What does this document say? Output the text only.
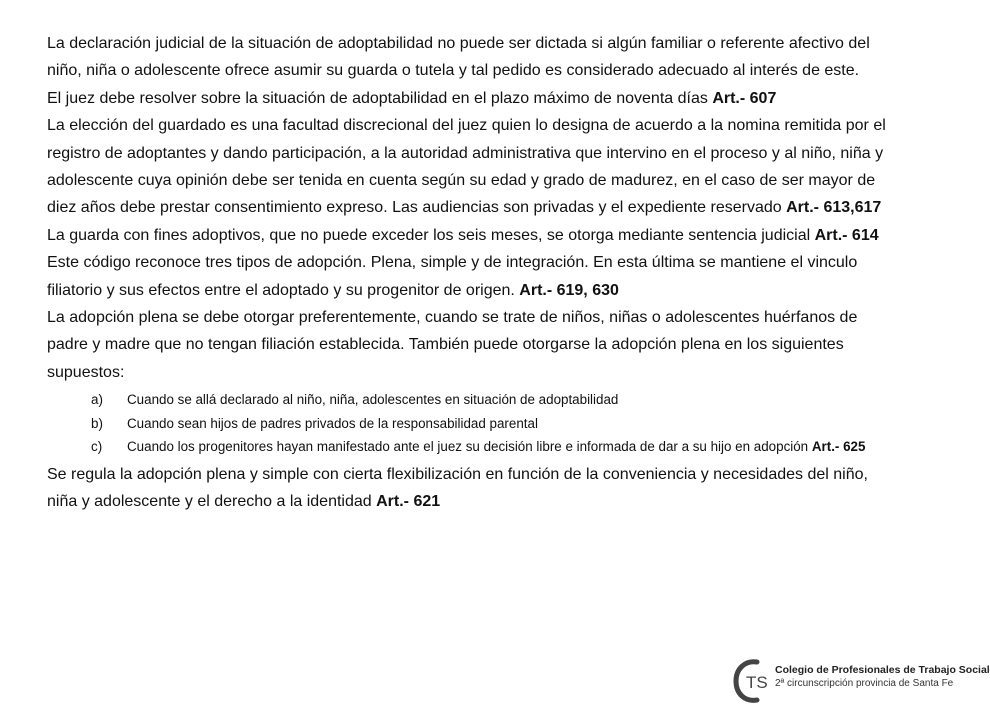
La declaración judicial de la situación de adoptabilidad no puede ser dictada si algún familiar o referente afectivo del niño, niña o adolescente ofrece asumir su guarda o tutela y tal pedido es considerado adecuado al interés de este.

El juez debe resolver sobre la situación de adoptabilidad en el plazo máximo de noventa días Art.- 607

La elección del guardado es una facultad discrecional del juez quien lo designa de acuerdo a la nomina remitida por el registro de adoptantes y dando participación, a la autoridad administrativa que intervino en el proceso y al niño, niña y adolescente cuya opinión debe ser tenida en cuenta según su edad y grado de madurez, en el caso de ser mayor de diez años debe prestar consentimiento expreso. Las audiencias son privadas y el expediente reservado Art.- 613,617

La guarda con fines adoptivos, que no puede exceder los seis meses, se otorga mediante sentencia judicial Art.- 614

Este código reconoce tres tipos de adopción. Plena, simple y de integración. En esta última se mantiene el vinculo filiatorio y sus efectos entre el adoptado y su progenitor de origen. Art.- 619, 630

La adopción plena se debe otorgar preferentemente, cuando se trate de niños, niñas o adolescentes huérfanos de padre y madre que no tengan filiación establecida. También puede otorgarse la adopción plena en los siguientes supuestos:

a) Cuando se allá declarado al niño, niña, adolescentes en situación de adoptabilidad
b) Cuando sean hijos de padres privados de la responsabilidad parental
c) Cuando los progenitores hayan manifestado ante el juez su decisión libre e informada de dar a su hijo en adopción Art.- 625

Se regula la adopción plena y simple con cierta flexibilización en función de la conveniencia y necesidades del niño, niña y adolescente y el derecho a la identidad Art.- 621

TS
Colegio de Profesionales de Trabajo Social
2ª circunscripción provincia de Santa Fe
